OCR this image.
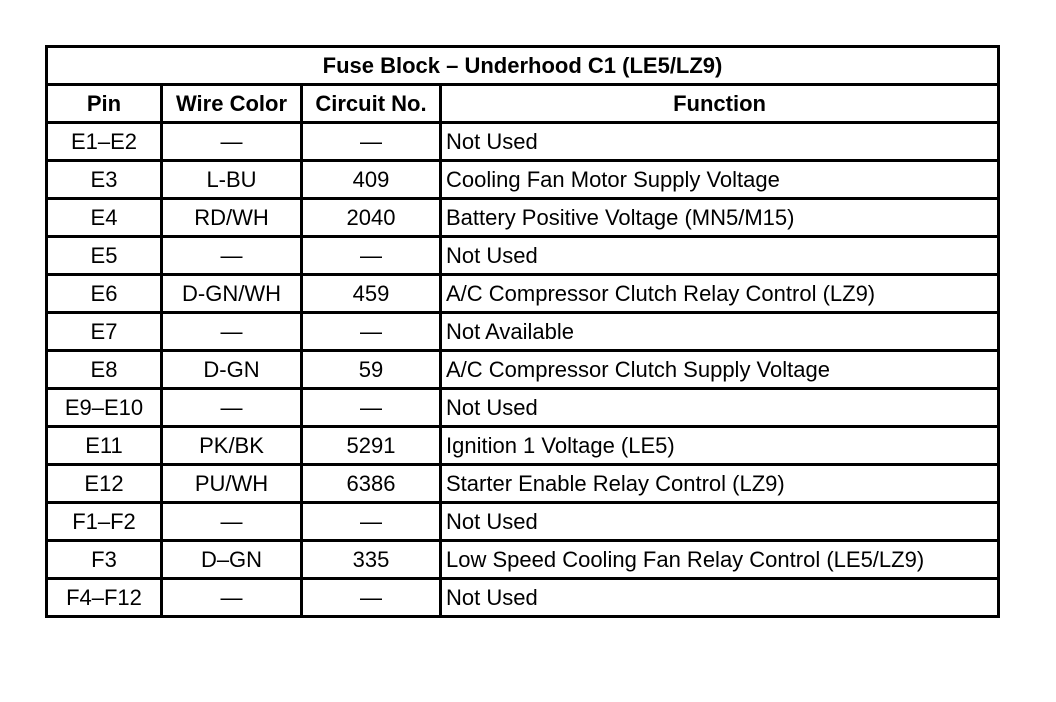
Fuse Block – Underhood C1 (LE5/LZ9)			
Pin	Wire Color	Circuit No.	Function
E1–E2	—	—	Not Used
E3	L-BU	409	Cooling Fan Motor Supply Voltage
E4	RD/WH	2040	Battery Positive Voltage (MN5/M15)
E5	—	—	Not Used
E6	D-GN/WH	459	A/C Compressor Clutch Relay Control (LZ9)
E7	—	—	Not Available
E8	D-GN	59	A/C Compressor Clutch Supply Voltage
E9–E10	—	—	Not Used
E11	PK/BK	5291	Ignition 1 Voltage (LE5)
E12	PU/WH	6386	Starter Enable Relay Control (LZ9)
F1–F2	—	—	Not Used
F3	D–GN	335	Low Speed Cooling Fan Relay Control (LE5/LZ9)
F4–F12	—	—	Not Used
